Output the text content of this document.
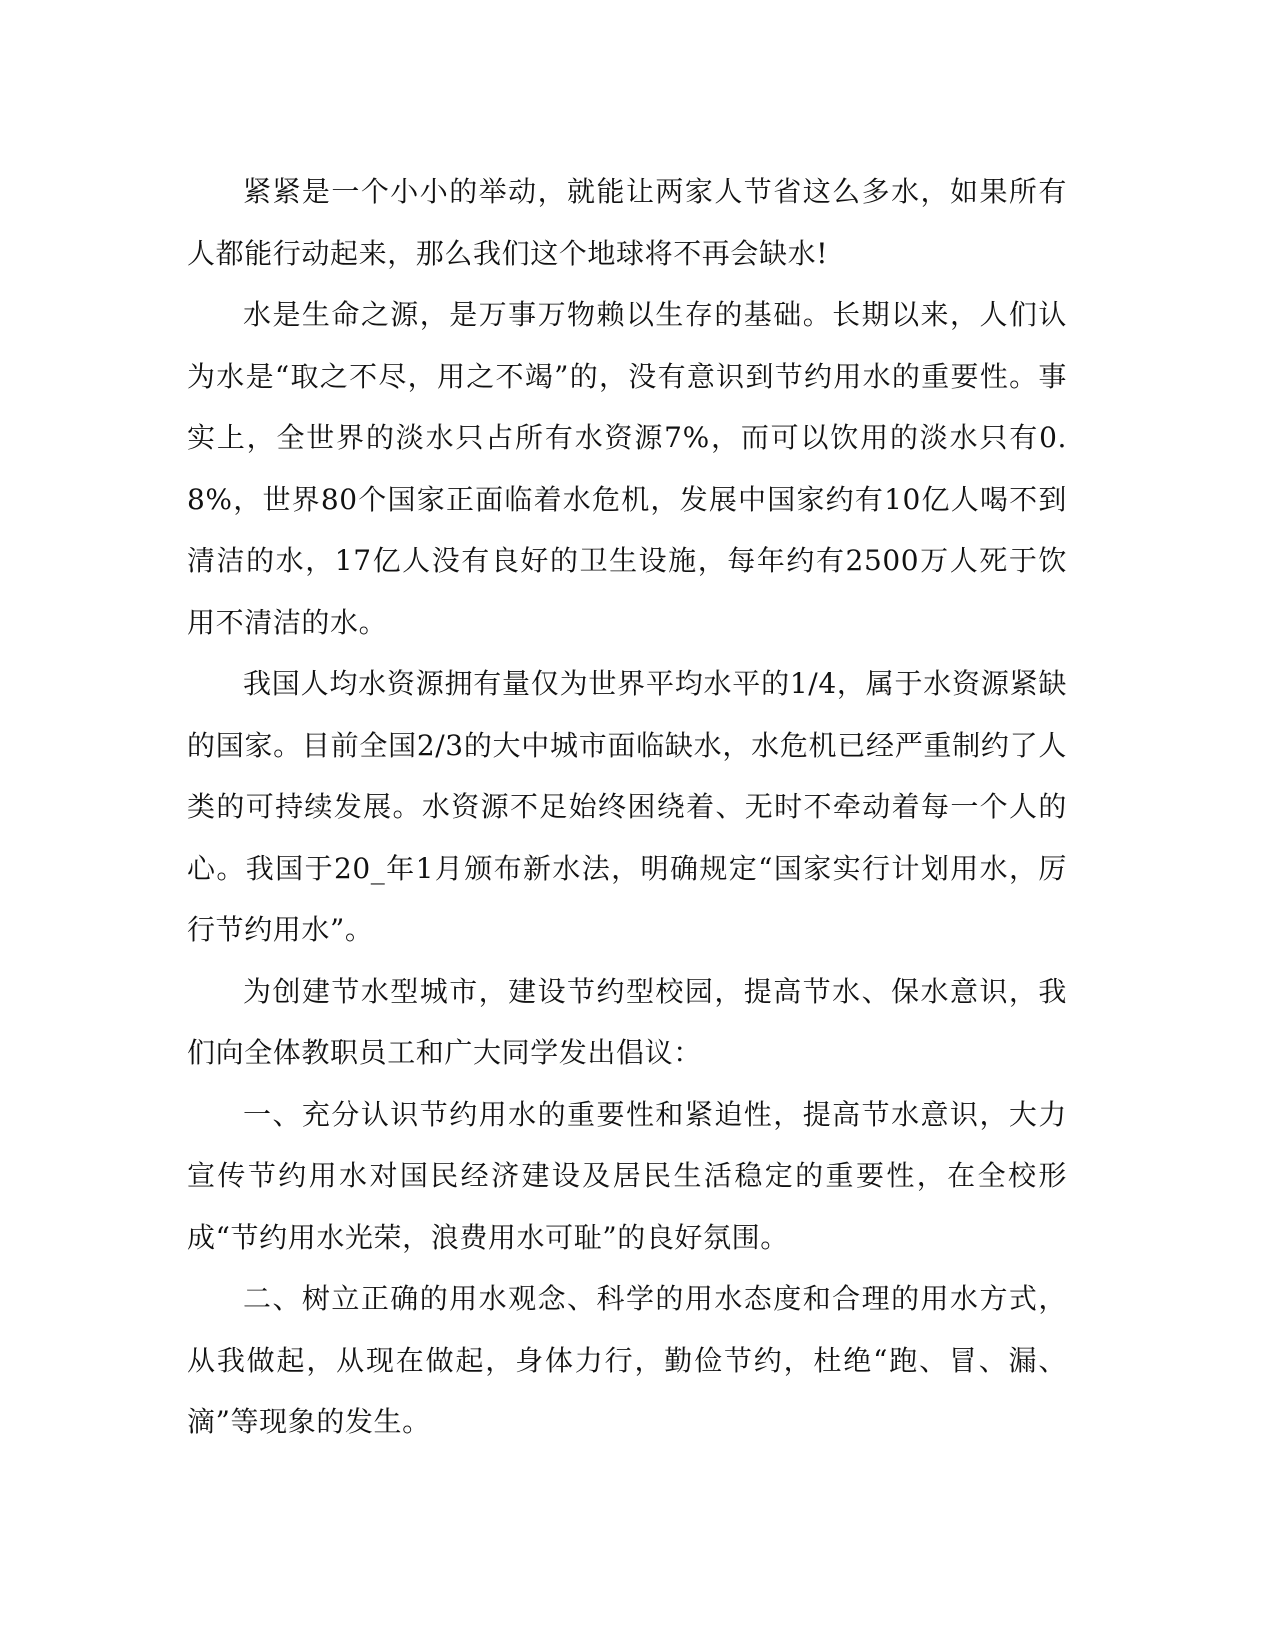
紧紧是一个小小的举动，就能让两家人节省这么多水，如果所有人都能行动起来，那么我们这个地球将不再会缺水!

水是生命之源，是万事万物赖以生存的基础。长期以来，人们认为水是“取之不尽，用之不竭”的，没有意识到节约用水的重要性。事实上，全世界的淡水只占所有水资源7%，而可以饮用的淡水只有0.8%，世界80个国家正面临着水危机，发展中国家约有10亿人喝不到清洁的水，17亿人没有良好的卫生设施，每年约有2500万人死于饮用不清洁的水。

我国人均水资源拥有量仅为世界平均水平的1/4，属于水资源紧缺的国家。目前全国2/3的大中城市面临缺水，水危机已经严重制约了人类的可持续发展。水资源不足始终困绕着、无时不牵动着每一个人的心。我国于20_年1月颁布新水法，明确规定“国家实行计划用水，厉行节约用水”。

为创建节水型城市，建设节约型校园，提高节水、保水意识，我们向全体教职员工和广大同学发出倡议：

一、充分认识节约用水的重要性和紧迫性，提高节水意识，大力宣传节约用水对国民经济建设及居民生活稳定的重要性，在全校形成“节约用水光荣，浪费用水可耻”的良好氛围。

二、树立正确的用水观念、科学的用水态度和合理的用水方式，从我做起，从现在做起，身体力行，勤俭节约，杜绝“跑、冒、漏、滴”等现象的发生。
